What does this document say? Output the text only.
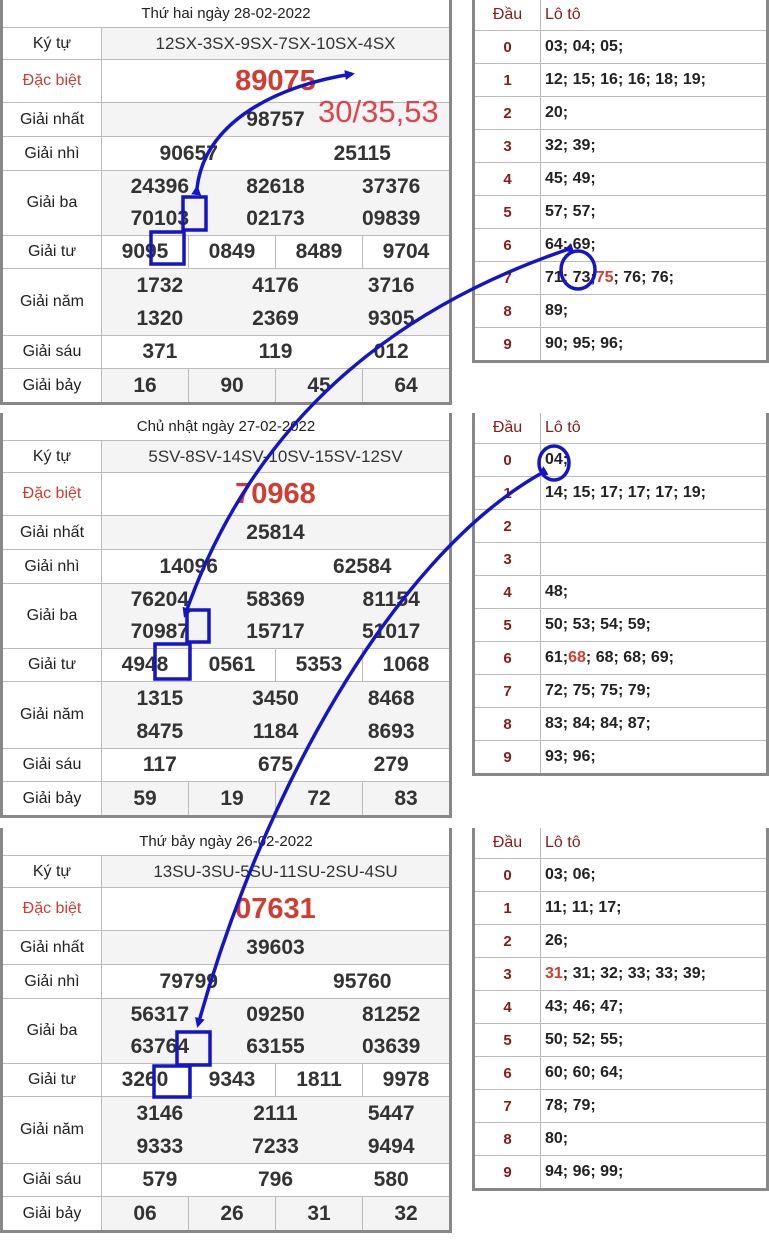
Thứ hai ngày 28-02-2022
Ký tự	12SX-3SX-9SX-7SX-10SX-4SX
Đặc biệt	89075
Giải nhất	98757
Giải nhì	90657	25115
Giải ba
24396	82618	37376
70103	02173	09839
Giải tư	9095	0849	8489	9704
Giải năm
1732	4176	3716
1320	2369	9305
Giải sáu	371	119	012
Giải bảy	16	90	45	64
Đầu	Lô tô
0	03; 04; 05;
1	12; 15; 16; 16; 18; 19;
2	20;
3	32; 39;
4	45; 49;
5	57; 57;
6	64; 69;
7	71; 73; 75 ; 76; 76;
8	89;
9	90; 95; 96;
Chủ nhật ngày 27-02-2022
Ký tự	5SV-8SV-14SV-10SV-15SV-12SV
Đặc biệt	70968
Giải nhất	25814
Giải nhì	14096	62584
Giải ba
76204	58369	81154
70987	15717	51017
Giải tư	4948	0561	5353	1068
Giải năm
1315	3450	8468
8475	1184	8693
Giải sáu	117	675	279
Giải bảy	59	19	72	83
Đầu	Lô tô
0	04;
1	14; 15; 17; 17; 17; 19;
2
3
4	48;
5	50; 53; 54; 59;
6	61; 68 ; 68; 68; 69;
7	72; 75; 75; 79;
8	83; 84; 84; 87;
9	93; 96;
Thứ bảy ngày 26-02-2022
Ký tự	13SU-3SU-5SU-11SU-2SU-4SU
Đặc biệt	07631
Giải nhất	39603
Giải nhì	79799	95760
Giải ba
56317	09250	81252
63764	63155	03639
Giải tư	3260	9343	1811	9978
Giải năm
3146	2111	5447
9333	7233	9494
Giải sáu	579	796	580
Giải bảy	06	26	31	32
Đầu	Lô tô
0	03; 06;
1	11; 11; 17;
2	26;
3	31 ; 31; 32; 33; 33; 39;
4	43; 46; 47;
5	50; 52; 55;
6	60; 60; 64;
7	78; 79;
8	80;
9	94; 96; 99;
30/35,53
